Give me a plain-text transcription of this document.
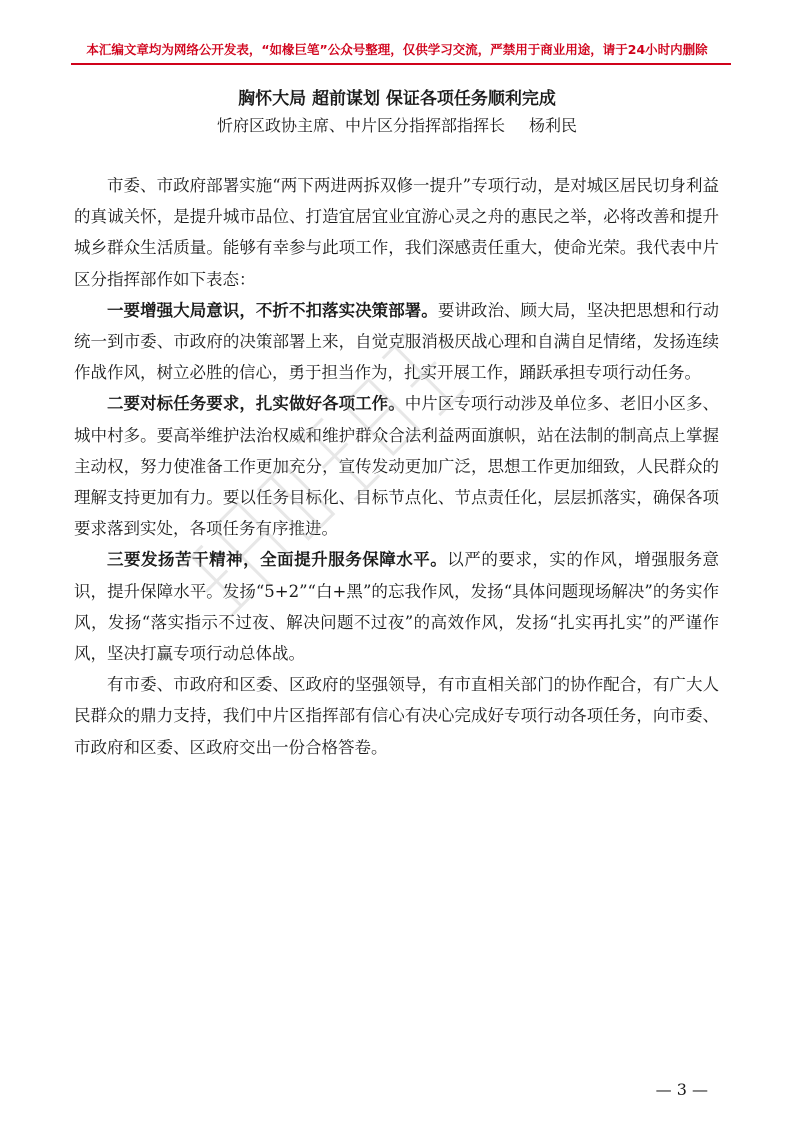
本汇编文章均为网络公开发表，“如椽巨笔”公众号整理，仅供学习交流，严禁用于商业用途，请于24小时内删除
胸怀大局 超前谋划 保证各项任务顺利完成
忻府区政协主席、中片区分指挥部指挥长 杨利民

市委、市政府部署实施“两下两进两拆双修一提升”专项行动，是对城区居民切身利益的真诚关怀，是提升城市品位、打造宜居宜业宜游心灵之舟的惠民之举，必将改善和提升城乡群众生活质量。能够有幸参与此项工作，我们深感责任重大，使命光荣。我代表中片区分指挥部作如下表态：

一要增强大局意识，不折不扣落实决策部署。要讲政治、顾大局，坚决把思想和行动统一到市委、市政府的决策部署上来，自觉克服消极厌战心理和自满自足情绪，发扬连续作战作风，树立必胜的信心，勇于担当作为，扎实开展工作，踊跃承担专项行动任务。

二要对标任务要求，扎实做好各项工作。中片区专项行动涉及单位多、老旧小区多、城中村多。要高举维护法治权威和维护群众合法利益两面旗帜，站在法制的制高点上掌握主动权，努力使准备工作更加充分，宣传发动更加广泛，思想工作更加细致，人民群众的理解支持更加有力。要以任务目标化、目标节点化、节点责任化，层层抓落实，确保各项要求落到实处，各项任务有序推进。

三要发扬苦干精神，全面提升服务保障水平。以严的要求，实的作风，增强服务意识，提升保障水平。发扬“5+2”“白+黑”的忘我作风，发扬“具体问题现场解决”的务实作风，发扬“落实指示不过夜、解决问题不过夜”的高效作风，发扬“扎实再扎实”的严谨作风，坚决打赢专项行动总体战。

有市委、市政府和区委、区政府的坚强领导，有市直相关部门的协作配合，有广大人民群众的鼎力支持，我们中片区指挥部有信心有决心完成好专项行动各项任务，向市委、市政府和区委、区政府交出一份合格答卷。

— 3 —
